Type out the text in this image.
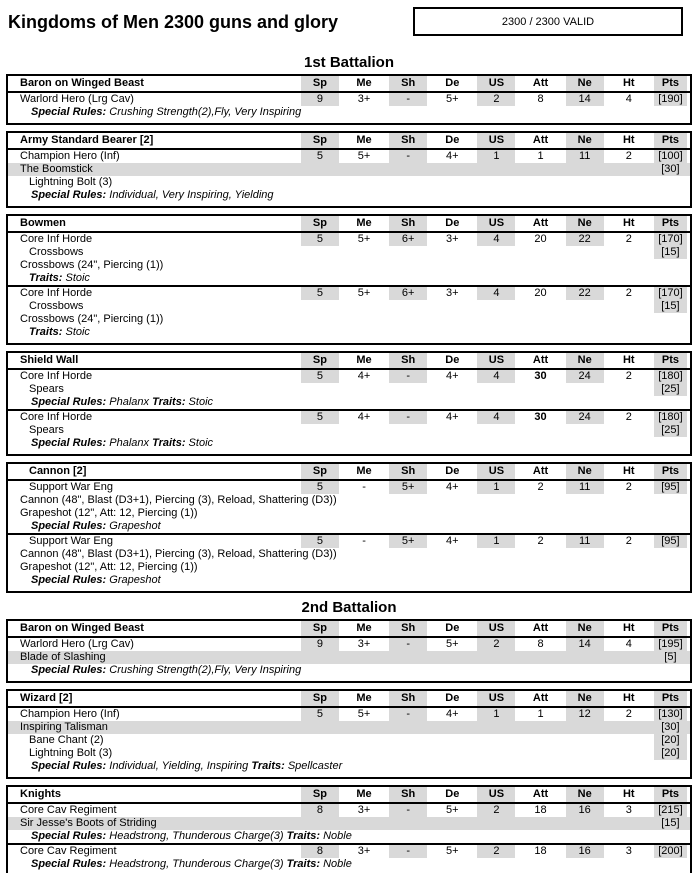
Kingdoms of Men 2300 guns and glory	2300 / 2300 VALID
1st Battalion
Baron on Winged Beast	Sp	Me	Sh	De	US	Att	Ne	Ht	Pts
Warlord Hero (Lrg Cav)	9	3+	-	5+	2	8	14	4	[190]
Special Rules: Crushing Strength(2),Fly, Very Inspiring									
Army Standard Bearer [2]	Sp	Me	Sh	De	US	Att	Ne	Ht	Pts
Champion Hero (Inf)	5	5+	-	4+	1	1	11	2	[100]
The Boomstick									[30]
Lightning Bolt (3)									
Special Rules: Individual, Very Inspiring, Yielding									
Bowmen	Sp	Me	Sh	De	US	Att	Ne	Ht	Pts
Core Inf Horde	5	5+	6+	3+	4	20	22	2	[170]
Crossbows									[15]
Crossbows (24", Piercing (1))									
Traits: Stoic									
Core Inf Horde	5	5+	6+	3+	4	20	22	2	[170]
Crossbows									[15]
Crossbows (24", Piercing (1))									
Traits: Stoic									
Shield Wall	Sp	Me	Sh	De	US	Att	Ne	Ht	Pts
Core Inf Horde	5	4+	-	4+	4	30	24	2	[180]
Spears									[25]
Special Rules: Phalanx Traits: Stoic									
Core Inf Horde	5	4+	-	4+	4	30	24	2	[180]
Spears									[25]
Special Rules: Phalanx Traits: Stoic									
Cannon [2]	Sp	Me	Sh	De	US	Att	Ne	Ht	Pts
Support War Eng	5	-	5+	4+	1	2	11	2	[95]
Cannon (48", Blast (D3+1), Piercing (3), Reload, Shattering (D3))									
Grapeshot (12", Att: 12, Piercing (1))									
Special Rules: Grapeshot									
Support War Eng	5	-	5+	4+	1	2	11	2	[95]
Cannon (48", Blast (D3+1), Piercing (3), Reload, Shattering (D3))									
Grapeshot (12", Att: 12, Piercing (1))									
Special Rules: Grapeshot									
2nd Battalion
Baron on Winged Beast	Sp	Me	Sh	De	US	Att	Ne	Ht	Pts
Warlord Hero (Lrg Cav)	9	3+	-	5+	2	8	14	4	[195]
Blade of Slashing									[5]
Special Rules: Crushing Strength(2),Fly, Very Inspiring									
Wizard [2]	Sp	Me	Sh	De	US	Att	Ne	Ht	Pts
Champion Hero (Inf)	5	5+	-	4+	1	1	12	2	[130]
Inspiring Talisman									[30]
Bane Chant (2)									[20]
Lightning Bolt (3)									[20]
Special Rules: Individual, Yielding, Inspiring Traits: Spellcaster									
Knights	Sp	Me	Sh	De	US	Att	Ne	Ht	Pts
Core Cav Regiment	8	3+	-	5+	2	18	16	3	[215]
Sir Jesse's Boots of Striding									[15]
Special Rules: Headstrong, Thunderous Charge(3) Traits: Noble									
Core Cav Regiment	8	3+	-	5+	2	18	16	3	[200]
Special Rules: Headstrong, Thunderous Charge(3) Traits: Noble									
